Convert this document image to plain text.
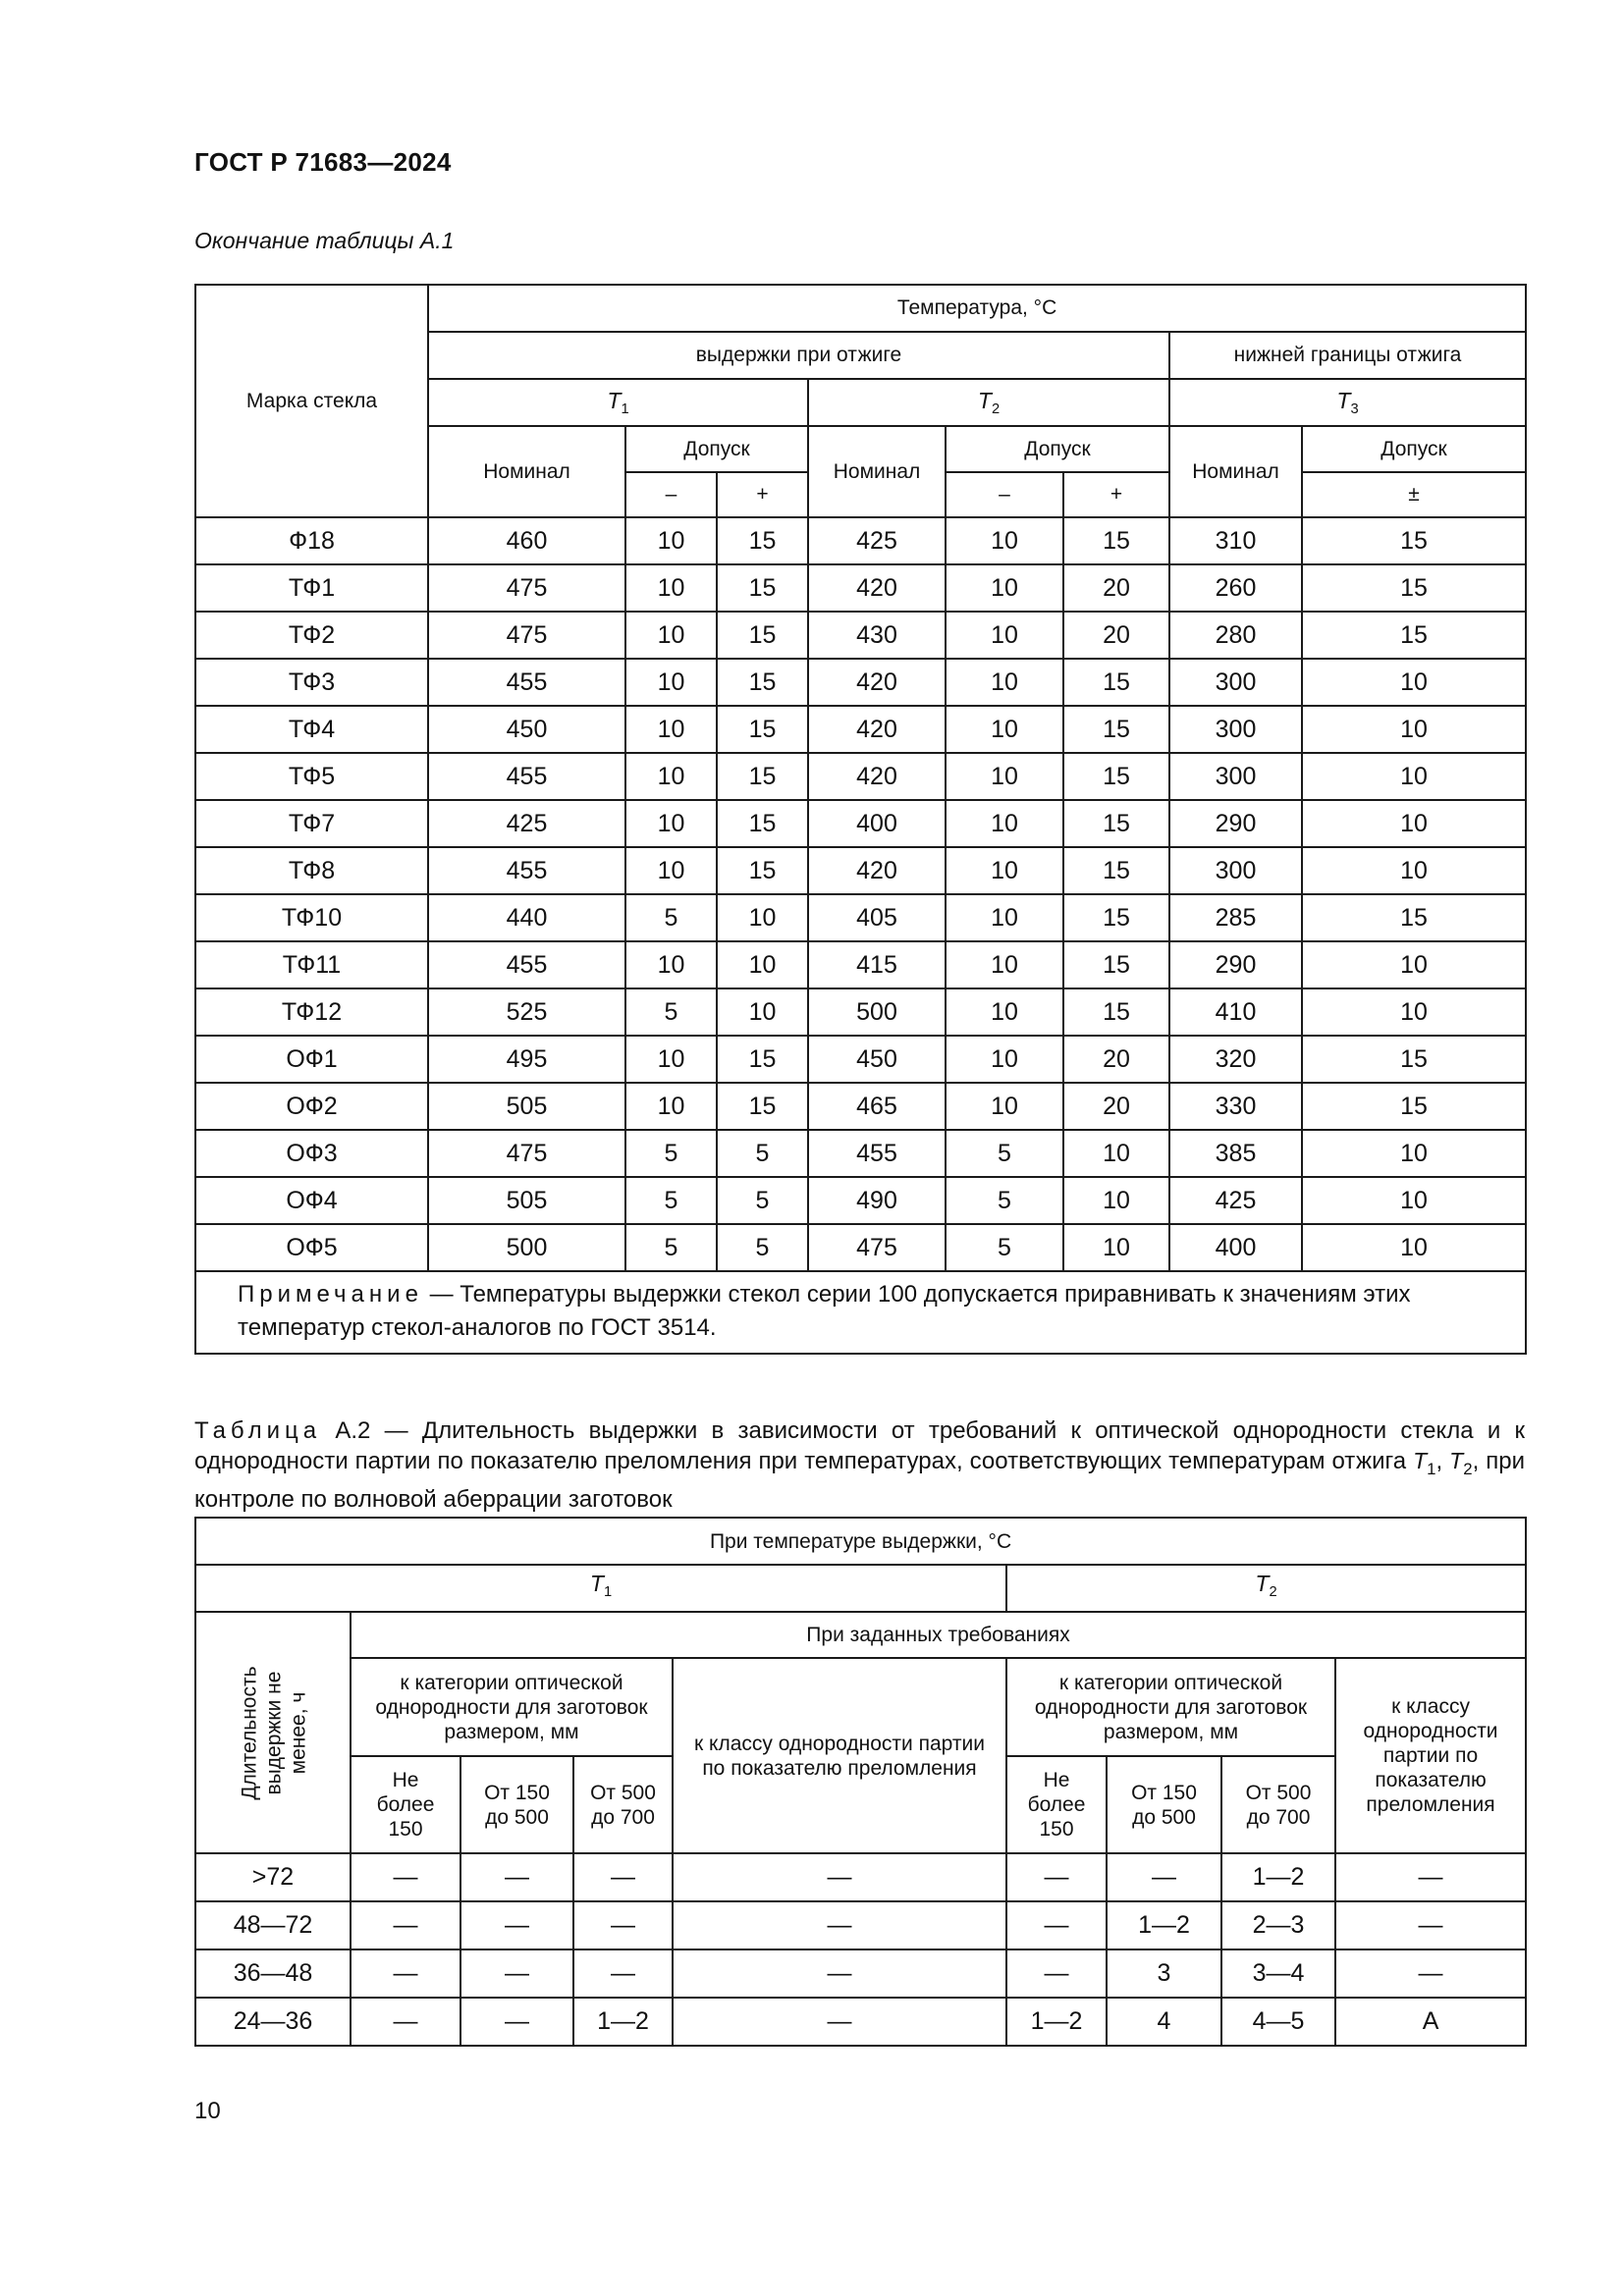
ГОСТ Р 71683—2024
Окончание таблицы А.1
Марка стекла	Температура, °С							
	выдержки при отжиге						нижней границы отжига	
	$T_1$			$T_2$			$T_3$
	Номинал	Допуск		Номинал	Допуск		Номинал	Допуск
		–	+		–	+		±
Ф18	460	10	15	425	10	15	310	15
ТФ1	475	10	15	420	10	20	260	15
ТФ2	475	10	15	430	10	20	280	15
ТФ3	455	10	15	420	10	15	300	10
ТФ4	450	10	15	420	10	15	300	10
ТФ5	455	10	15	420	10	15	300	10
ТФ7	425	10	15	400	10	15	290	10
ТФ8	455	10	15	420	10	15	300	10
ТФ10	440	5	10	405	10	15	285	15
ТФ11	455	10	10	415	10	15	290	10
ТФ12	525	5	10	500	10	15	410	10
ОФ1	495	10	15	450	10	20	320	15
ОФ2	505	10	15	465	10	20	330	15
ОФ3	475	5	5	455	5	10	385	10
ОФ4	505	5	5	490	5	10	425	10
ОФ5	500	5	5	475	5	10	400	10
Примечание — Температуры выдержки стекол серии 100 допускается приравнивать к значениям этих температур стекол-аналогов по ГОСТ 3514.								
Таблица А.2 — Длительность выдержки в зависимости от требований к оптической однородности стекла и к однородности партии по показателю преломления при температурах, соответствующих температурам отжига $T_1$, $T_2$, при контроле по волновой аберрации заготовок
При температуре выдержки, °С								
$T_1$					$T_2$

Длительность выдержки не менее, ч	При заданных требованиях							
	к категории оптической однородности для заготовок размером, мм			к классу однородности партии по показателю преломления	к категории оптической однородности для заготовок размером, мм			к классу однородности партии по показателю преломления
	Не более 150	От 150 до 500	От 500 до 700		Не более 150	От 150 до 500	От 500 до 700	
>72	—	—	—	—	—	—	1—2	—
48—72	—	—	—	—	—	1—2	2—3	—
36—48	—	—	—	—	—	3	3—4	—
24—36	—	—	1—2	—	1—2	4	4—5	А
10
